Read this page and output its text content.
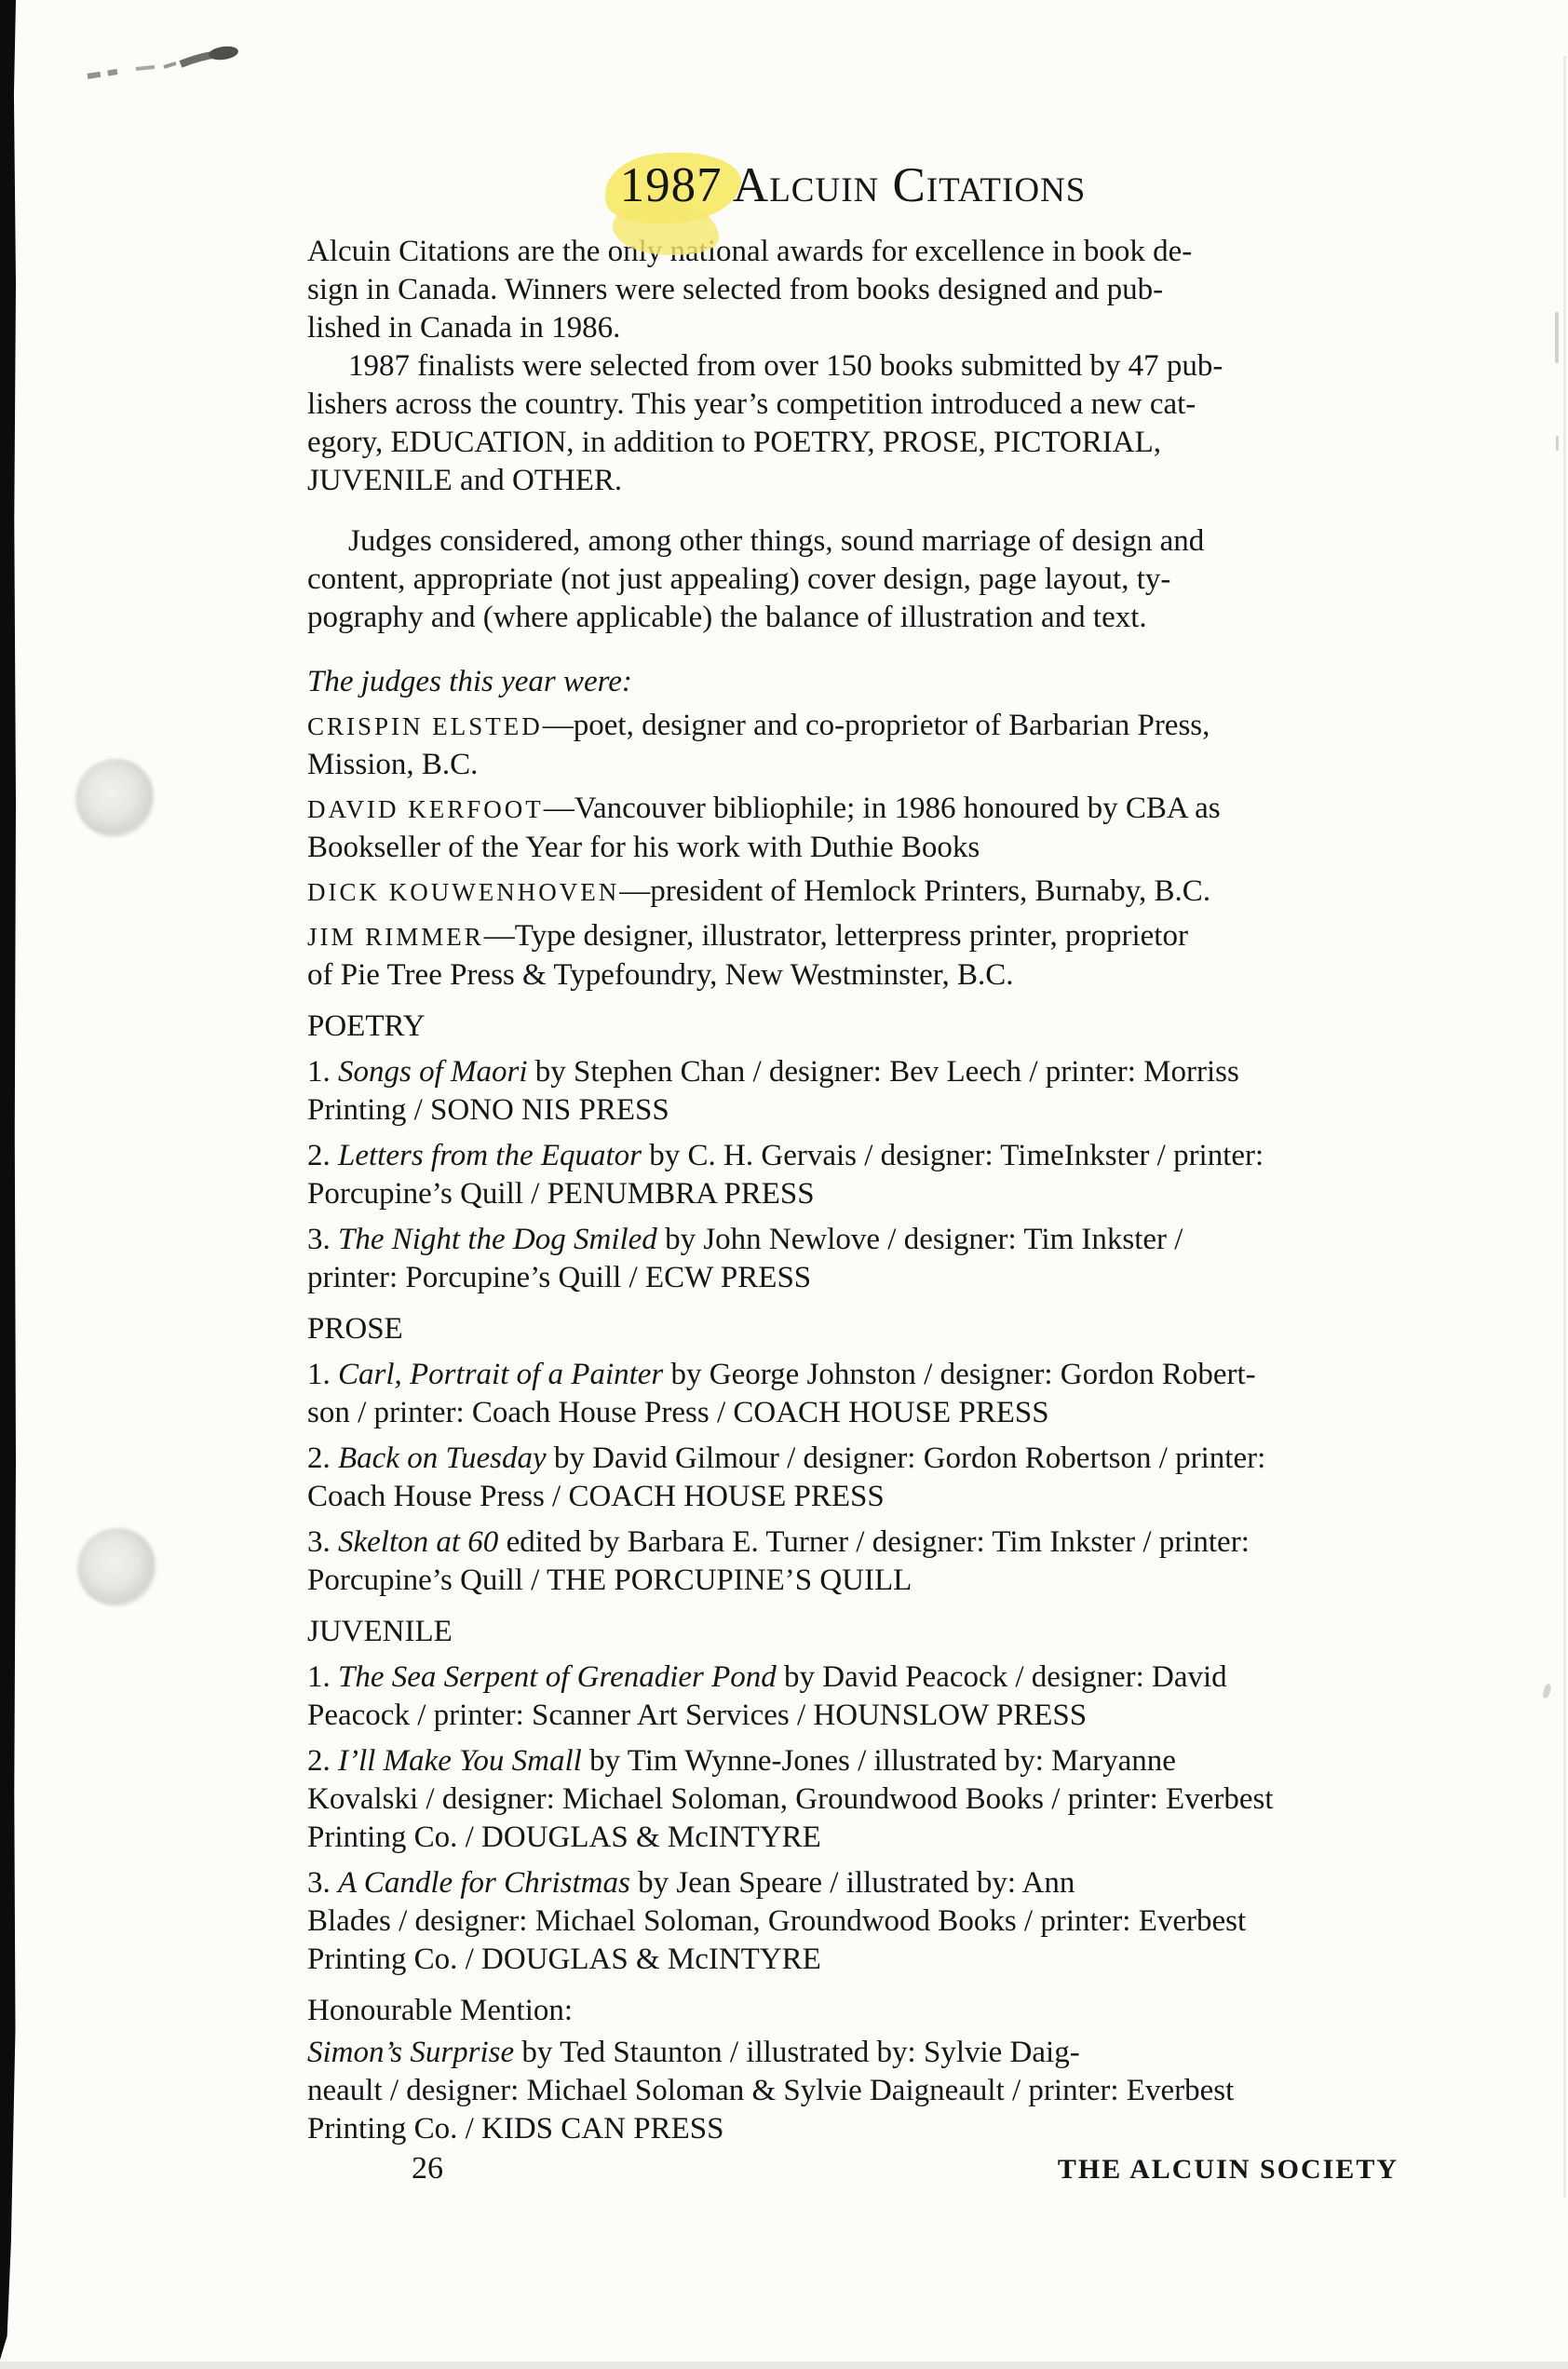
1987 Alcuin Citations
Alcuin Citations are the only national awards for excellence in book de-
sign in Canada. Winners were selected from books designed and pub-
lished in Canada in 1986.
1987 finalists were selected from over 150 books submitted by 47 pub-
lishers across the country. This year’s competition introduced a new cat-
egory, EDUCATION, in addition to POETRY, PROSE, PICTORIAL,
JUVENILE and OTHER.
Judges considered, among other things, sound marriage of design and
content, appropriate (not just appealing) cover design, page layout, ty-
pography and (where applicable) the balance of illustration and text.
The judges this year were:
CRISPIN ELSTED—poet, designer and co-proprietor of Barbarian Press,
Mission, B.C.
DAVID KERFOOT—Vancouver bibliophile; in 1986 honoured by CBA as
Bookseller of the Year for his work with Duthie Books
DICK KOUWENHOVEN—president of Hemlock Printers, Burnaby, B.C.
JIM RIMMER—Type designer, illustrator, letterpress printer, proprietor
of Pie Tree Press & Typefoundry, New Westminster, B.C.
POETRY
1. Songs of Maori by Stephen Chan / designer: Bev Leech / printer: Morriss
Printing / SONO NIS PRESS
2. Letters from the Equator by C. H. Gervais / designer: TimeInkster / printer:
Porcupine’s Quill / PENUMBRA PRESS
3. The Night the Dog Smiled by John Newlove / designer: Tim Inkster /
printer: Porcupine’s Quill / ECW PRESS
PROSE
1. Carl, Portrait of a Painter by George Johnston / designer: Gordon Robert-
son / printer: Coach House Press / COACH HOUSE PRESS
2. Back on Tuesday by David Gilmour / designer: Gordon Robertson / printer:
Coach House Press / COACH HOUSE PRESS
3. Skelton at 60 edited by Barbara E. Turner / designer: Tim Inkster / printer:
Porcupine’s Quill / THE PORCUPINE’S QUILL
JUVENILE
1. The Sea Serpent of Grenadier Pond by David Peacock / designer: David
Peacock / printer: Scanner Art Services / HOUNSLOW PRESS
2. I’ll Make You Small by Tim Wynne-Jones / illustrated by: Maryanne
Kovalski / designer: Michael Soloman, Groundwood Books / printer: Everbest
Printing Co. / DOUGLAS & McINTYRE
3. A Candle for Christmas by Jean Speare / illustrated by: Ann
Blades / designer: Michael Soloman, Groundwood Books / printer: Everbest
Printing Co. / DOUGLAS & McINTYRE
Honourable Mention:
Simon’s Surprise by Ted Staunton / illustrated by: Sylvie Daig-
neault / designer: Michael Soloman & Sylvie Daigneault / printer: Everbest
Printing Co. / KIDS CAN PRESS
26	THE ALCUIN SOCIETY
